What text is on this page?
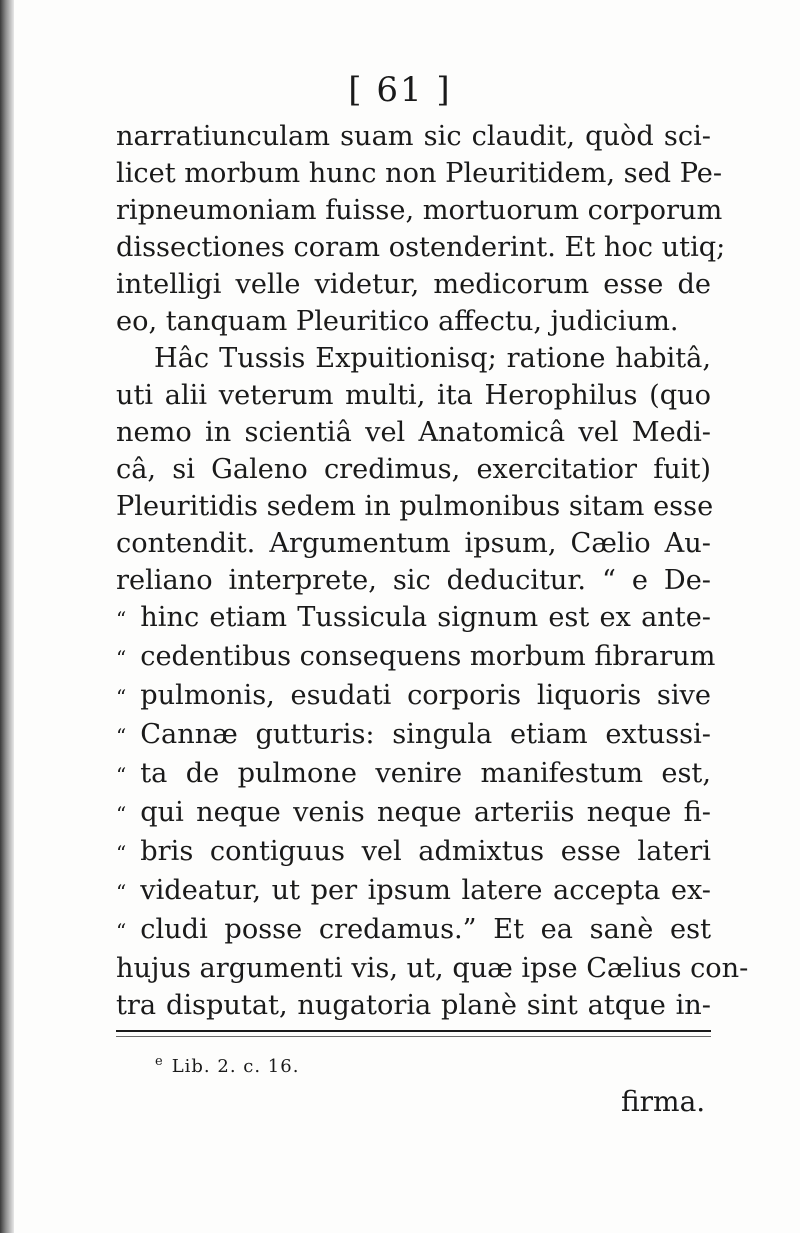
[ 61 ]
narratiunculam suam sic claudit, quòd sci-
licet morbum hunc non Pleuritidem, sed Pe-
ripneumoniam fuisse, mortuorum corporum
dissectiones coram ostenderint. Et hoc utiq;
intelligi velle videtur, medicorum esse de
eo, tanquam Pleuritico affectu, judicium.
Hâc Tussis Expuitionisq; ratione habitâ,
uti alii veterum multi, ita Herophilus (quo
nemo in scientiâ vel Anatomicâ vel Medi-
câ, si Galeno credimus, exercitatior fuit)
Pleuritidis sedem in pulmonibus sitam esse
contendit. Argumentum ipsum, Cælio Au-
reliano interprete, sic deducitur. “ e De-
“ hinc etiam Tussicula signum est ex ante-
“ cedentibus consequens morbum fibrarum
“ pulmonis, esudati corporis liquoris sive
“ Cannæ gutturis: singula etiam extussi-
“ ta de pulmone venire manifestum est,
“ qui neque venis neque arteriis neque fi-
“ bris contiguus vel admixtus esse lateri
“ videatur, ut per ipsum latere accepta ex-
“ cludi posse credamus.” Et ea sanè est
hujus argumenti vis, ut, quæ ipse Cælius con-
tra disputat, nugatoria planè sint atque in-
$^e$ Lib. 2. c. 16.
firma.
